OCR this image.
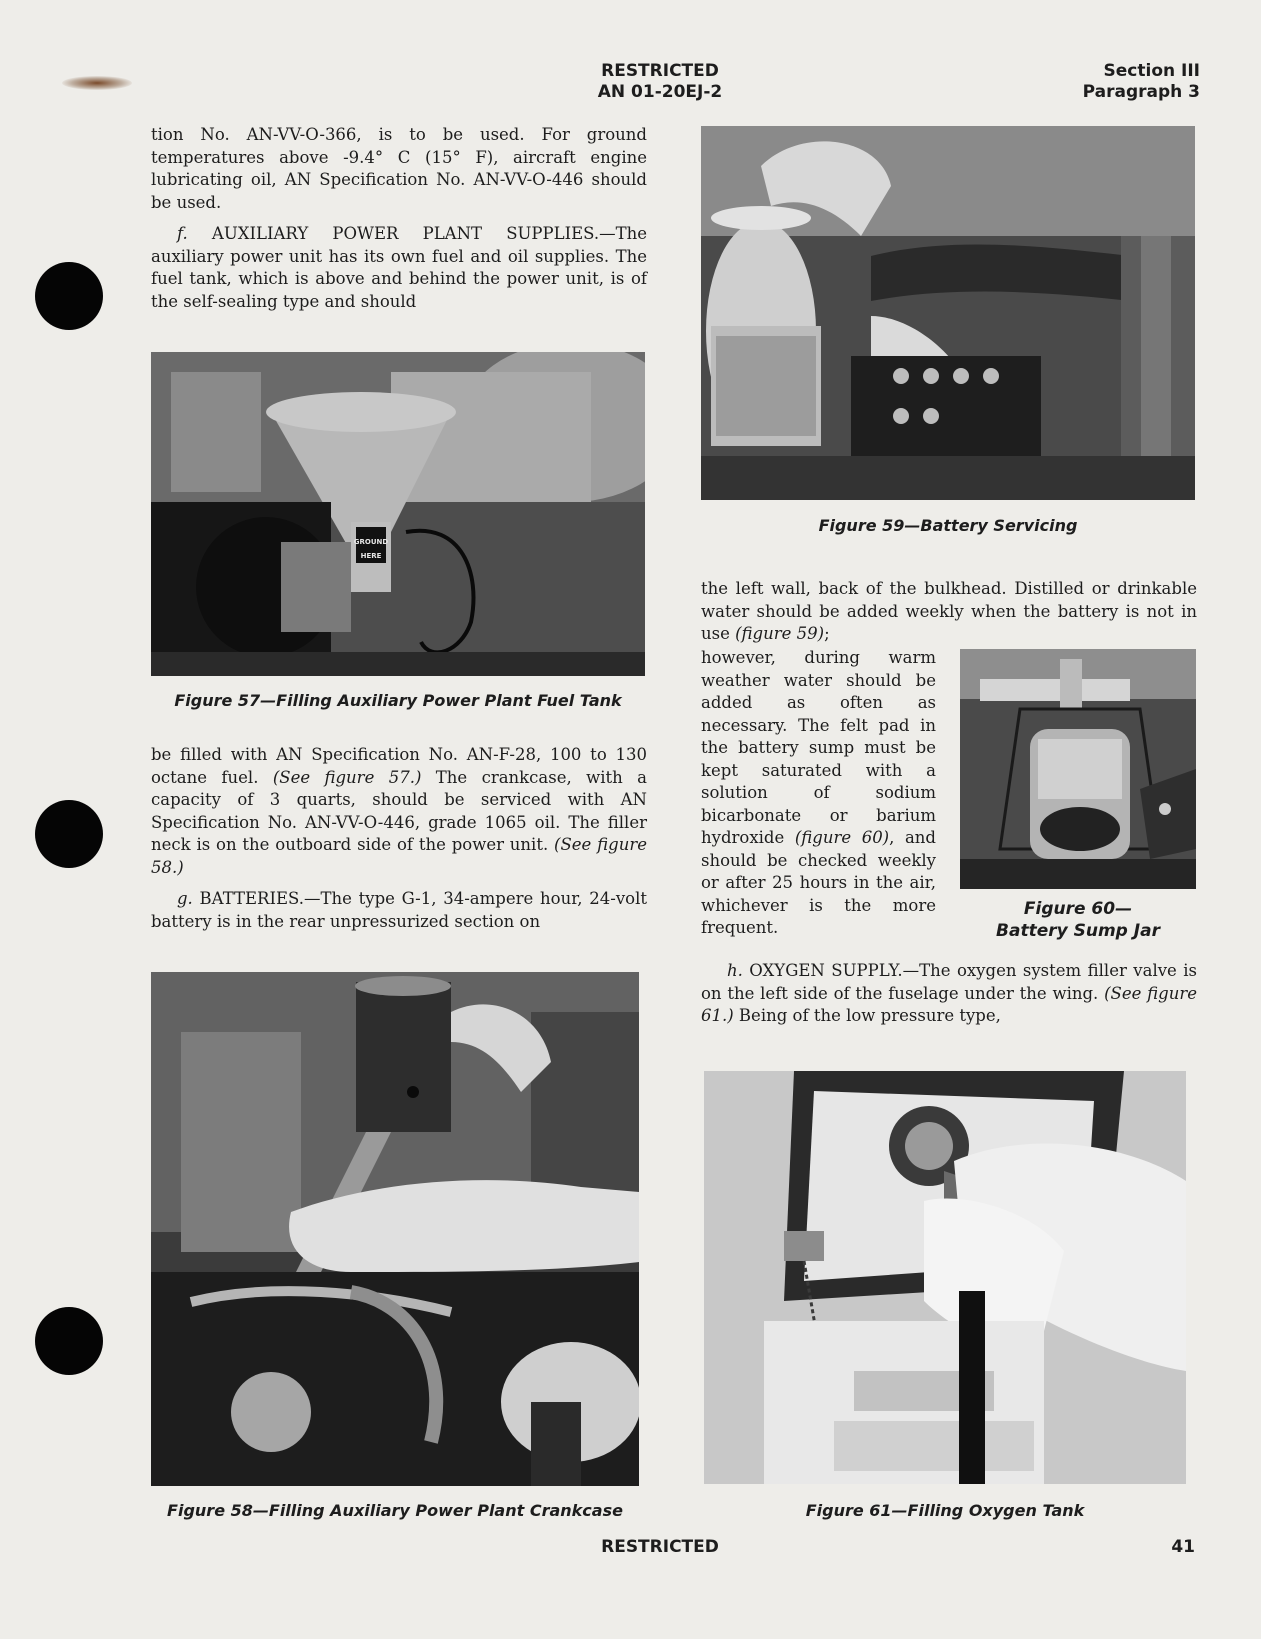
RESTRICTED
AN 01-20EJ-2
Section III
Paragraph 3

tion No. AN-VV-O-366, is to be used. For ground temperatures above -9.4° C (15° F), aircraft engine lubricating oil, AN Specification No. AN-VV-O-446 should be used.

f. AUXILIARY POWER PLANT SUPPLIES.—The auxiliary power unit has its own fuel and oil supplies. The fuel tank, which is above and behind the power unit, is of the self-sealing type and should

GROUND
HERE
Figure 57—Filling Auxiliary Power Plant Fuel Tank

be filled with AN Specification No. AN-F-28, 100 to 130 octane fuel. (See figure 57.) The crankcase, with a capacity of 3 quarts, should be serviced with AN Specification No. AN-VV-O-446, grade 1065 oil. The filler neck is on the outboard side of the power unit. (See figure 58.)

g. BATTERIES.—The type G-1, 34-ampere hour, 24-volt battery is in the rear unpressurized section on

Figure 58—Filling Auxiliary Power Plant Crankcase
Figure 59—Battery Servicing

the left wall, back of the bulkhead. Distilled or drinkable water should be added weekly when the battery is not in use (figure 59);

however, during warm weather water should be added as often as necessary. The felt pad in the battery sump must be kept saturated with a solution of sodium bicarbonate or barium hydroxide (figure 60), and should be checked weekly or after 25 hours in the air, whichever is the more frequent.

Figure 60—
Battery Sump Jar

h. OXYGEN SUPPLY.—The oxygen system filler valve is on the left side of the fuselage under the wing. (See figure 61.) Being of the low pressure type,

Figure 61—Filling Oxygen Tank
RESTRICTED	41
